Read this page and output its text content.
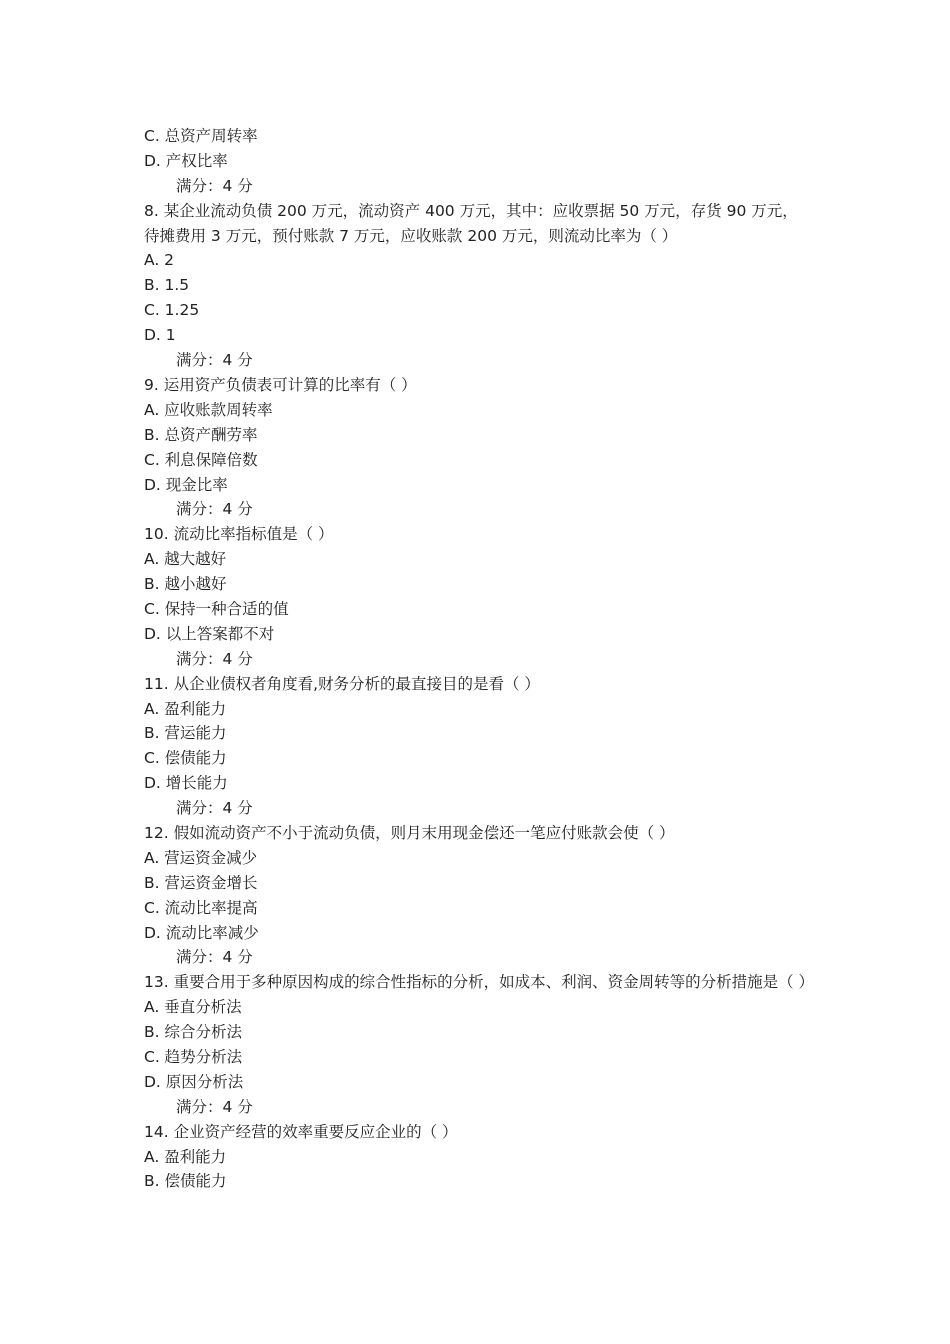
C. 总资产周转率
D. 产权比率
满分：4 分
8. 某企业流动负债 200 万元，流动资产 400 万元，其中：应收票据 50 万元，存货 90 万元，待摊费用 3 万元，预付账款 7 万元，应收账款 200 万元，则流动比率为（ ）
A. 2
B. 1.5
C. 1.25
D. 1
满分：4 分
9. 运用资产负债表可计算的比率有（ ）
A. 应收账款周转率
B. 总资产酬劳率
C. 利息保障倍数
D. 现金比率
满分：4 分
10. 流动比率指标值是（ ）
A. 越大越好
B. 越小越好
C. 保持一种合适的值
D. 以上答案都不对
满分：4 分
11. 从企业债权者角度看,财务分析的最直接目的是看（ ）
A. 盈利能力
B. 营运能力
C. 偿债能力
D. 增长能力
满分：4 分
12. 假如流动资产不小于流动负债，则月末用现金偿还一笔应付账款会使（ ）
A. 营运资金减少
B. 营运资金增长
C. 流动比率提高
D. 流动比率减少
满分：4 分
13. 重要合用于多种原因构成的综合性指标的分析，如成本、利润、资金周转等的分析措施是（ ）
A. 垂直分析法
B. 综合分析法
C. 趋势分析法
D. 原因分析法
满分：4 分
14. 企业资产经营的效率重要反应企业的（ ）
A. 盈利能力
B. 偿债能力
